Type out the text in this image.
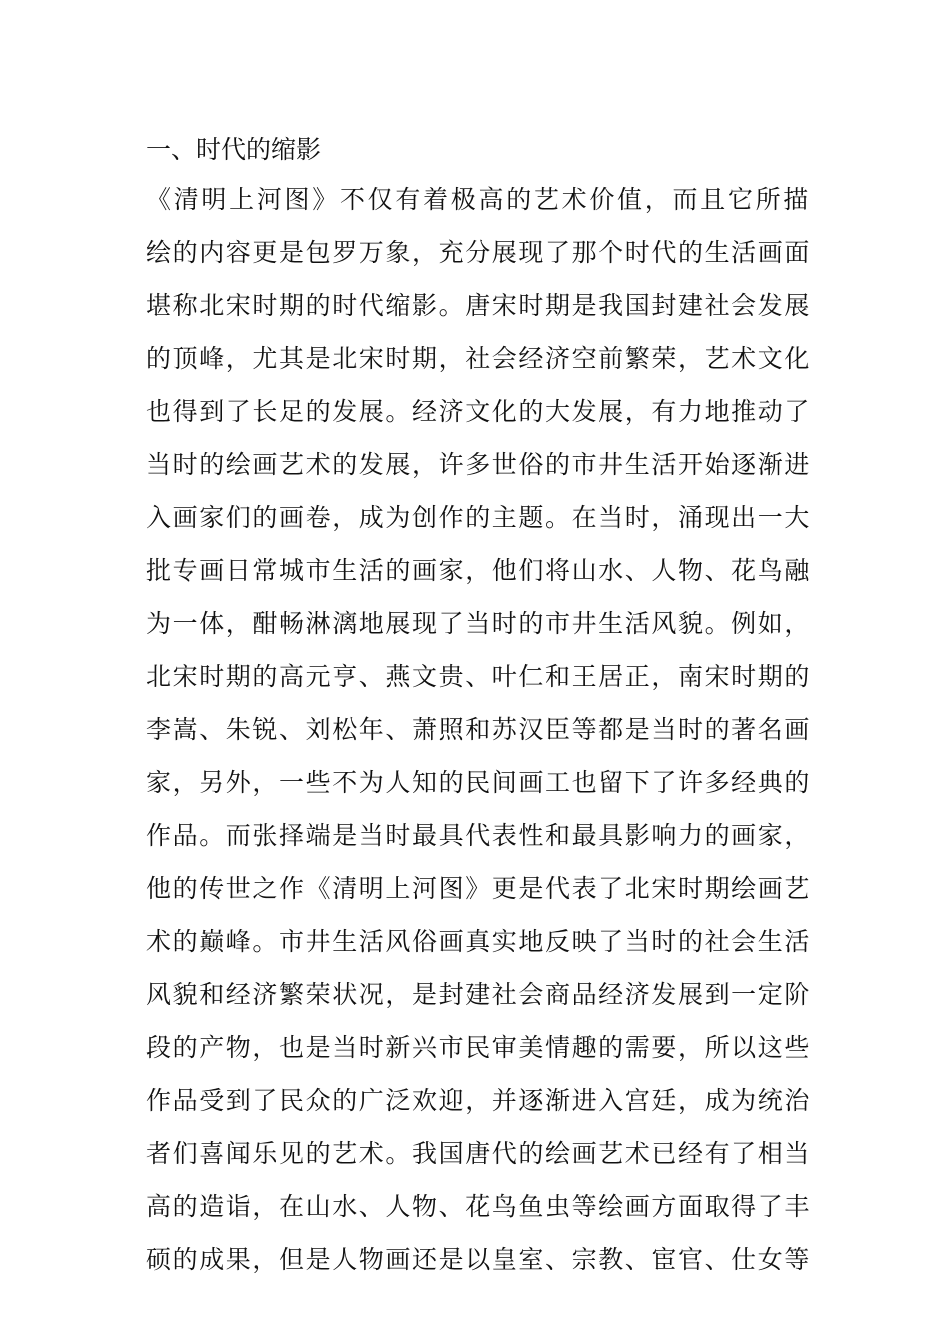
一、时代的缩影
《清明上河图》不仅有着极高的艺术价值，而且它所描
绘的内容更是包罗万象，充分展现了那个时代的生活画面
堪称北宋时期的时代缩影。唐宋时期是我国封建社会发展
的顶峰，尤其是北宋时期，社会经济空前繁荣，艺术文化
也得到了长足的发展。经济文化的大发展，有力地推动了
当时的绘画艺术的发展，许多世俗的市井生活开始逐渐进
入画家们的画卷，成为创作的主题。在当时，涌现出一大
批专画日常城市生活的画家，他们将山水、人物、花鸟融
为一体，酣畅淋漓地展现了当时的市井生活风貌。例如，
北宋时期的高元亨、燕文贵、叶仁和王居正，南宋时期的
李嵩、朱锐、刘松年、萧照和苏汉臣等都是当时的著名画
家，另外，一些不为人知的民间画工也留下了许多经典的
作品。而张择端是当时最具代表性和最具影响力的画家，
他的传世之作《清明上河图》更是代表了北宋时期绘画艺
术的巅峰。市井生活风俗画真实地反映了当时的社会生活
风貌和经济繁荣状况，是封建社会商品经济发展到一定阶
段的产物，也是当时新兴市民审美情趣的需要，所以这些
作品受到了民众的广泛欢迎，并逐渐进入宫廷，成为统治
者们喜闻乐见的艺术。我国唐代的绘画艺术已经有了相当
高的造诣，在山水、人物、花鸟鱼虫等绘画方面取得了丰
硕的成果，但是人物画还是以皇室、宗教、宦官、仕女等
